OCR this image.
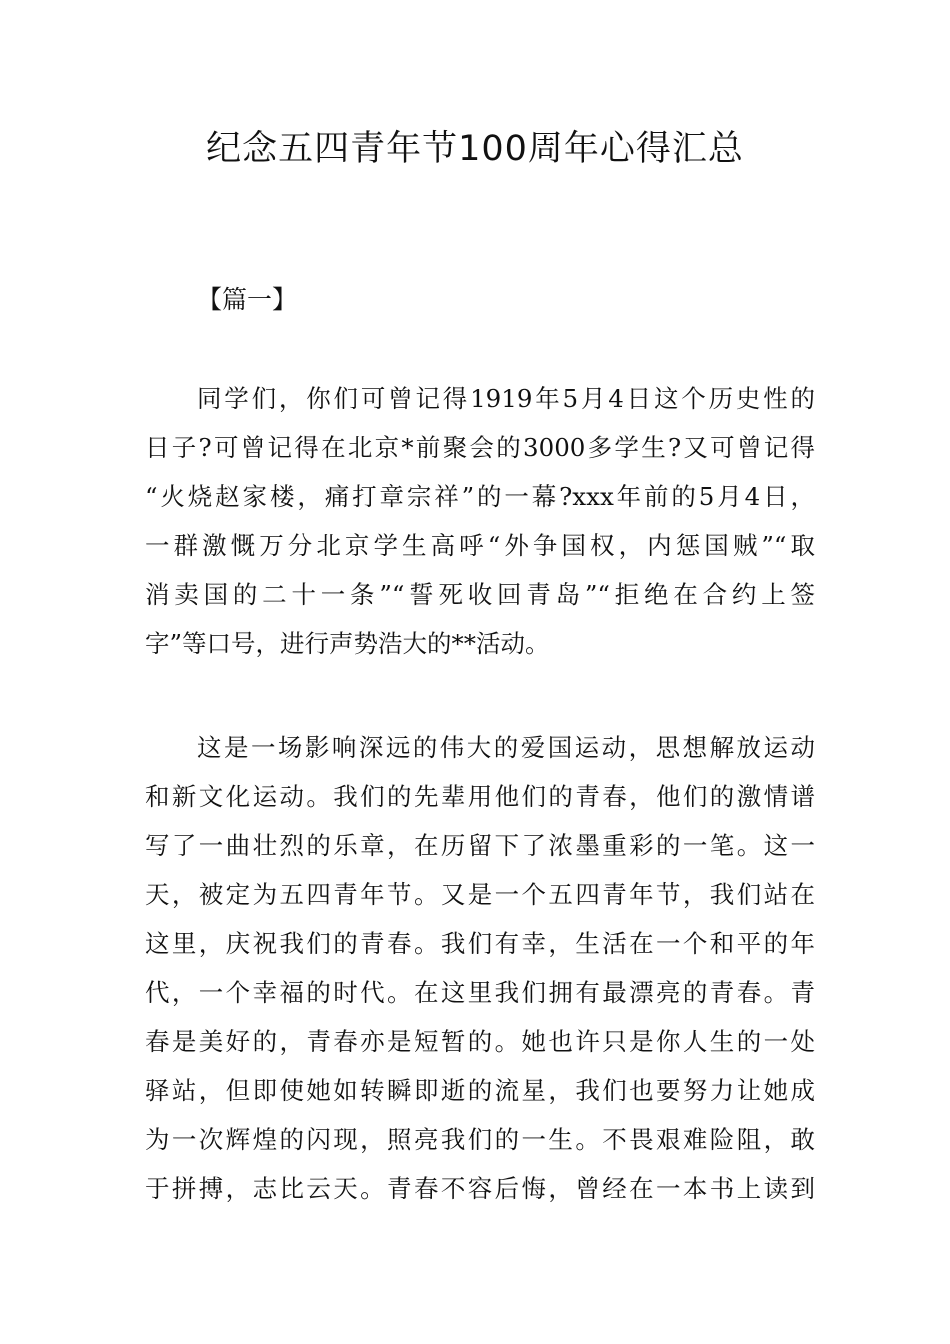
纪念五四青年节100周年心得汇总
【篇一】
同学们，你们可曾记得1919年5月4日这个历史性的
日子?可曾记得在北京*前聚会的3000多学生?又可曾记得
“火烧赵家楼，痛打章宗祥”的一幕?xxx年前的5月4日，
一群激慨万分北京学生高呼“外争国权，内惩国贼”“取
消卖国的二十一条”“誓死收回青岛”“拒绝在合约上签
字”等口号，进行声势浩大的**活动。
这是一场影响深远的伟大的爱国运动，思想解放运动
和新文化运动。我们的先辈用他们的青春，他们的激情谱
写了一曲壮烈的乐章，在历留下了浓墨重彩的一笔。这一
天，被定为五四青年节。又是一个五四青年节，我们站在
这里，庆祝我们的青春。我们有幸，生活在一个和平的年
代，一个幸福的时代。在这里我们拥有最漂亮的青春。青
春是美好的，青春亦是短暂的。她也许只是你人生的一处
驿站，但即使她如转瞬即逝的流星，我们也要努力让她成
为一次辉煌的闪现，照亮我们的一生。不畏艰难险阻，敢
于拼搏，志比云天。青春不容后悔，曾经在一本书上读到
